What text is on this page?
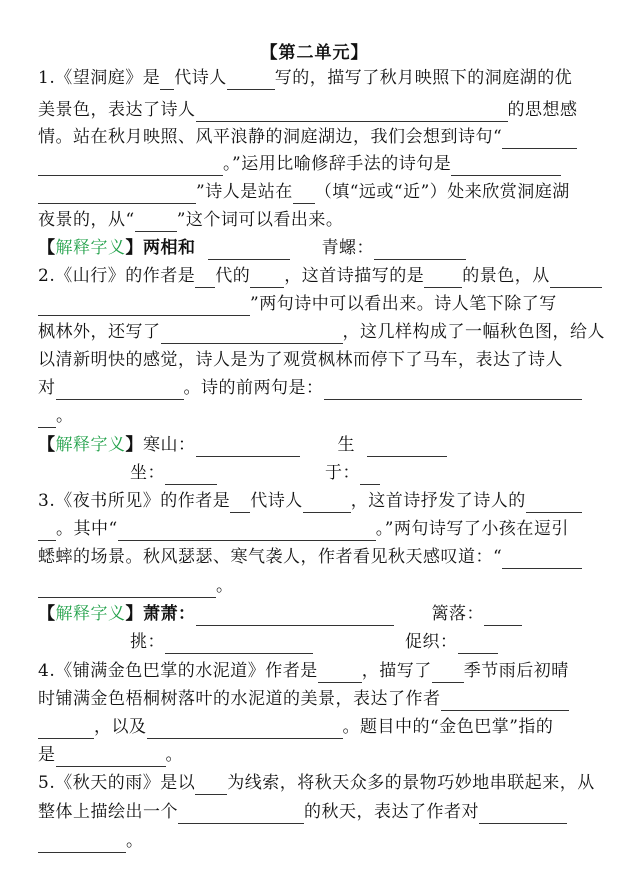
【第二单元】
1.《望洞庭》是 代诗人	写的，描写了秋月映照下的洞庭湖的优
美景色，表达了诗人	的思想感
情。站在秋月映照、风平浪静的洞庭湖边，我们会想到诗句“
。”运用比喻修辞手法的诗句是
”诗人是站在 （填“远或“近”）处来欣赏洞庭湖
夜景的，从“ ”这个词可以看出来。
【解释字义】两相和	青螺：
2.《山行》的作者是 代的 ，这首诗描写的是 的景色，从
”两句诗中可以看出来。诗人笔下除了写
枫林外，还写了	，这几样构成了一幅秋色图，给人
以清新明快的感觉，诗人是为了观赏枫林而停下了马车，表达了诗人
对	。诗的前两句是：
。
【解释字义】寒山：	生
坐：	于：
3.《夜书所见》的作者是 代诗人	，这首诗抒发了诗人的
。其中“	。”两句诗写了小孩在逗引
蟋蟀的场景。秋风瑟瑟、寒气袭人，作者看见秋天感叹道：“
。
【解释字义】萧萧：	篱落：
挑：	促织：
4.《铺满金色巴掌的水泥道》作者是	，描写了 季节雨后初晴
时铺满金色梧桐树落叶的水泥道的美景，表达了作者
，以及	。题目中的“金色巴掌”指的
是	。
5.《秋天的雨》是以 为线索，将秋天众多的景物巧妙地串联起来，从
整体上描绘出一个	的秋天，表达了作者对
。
